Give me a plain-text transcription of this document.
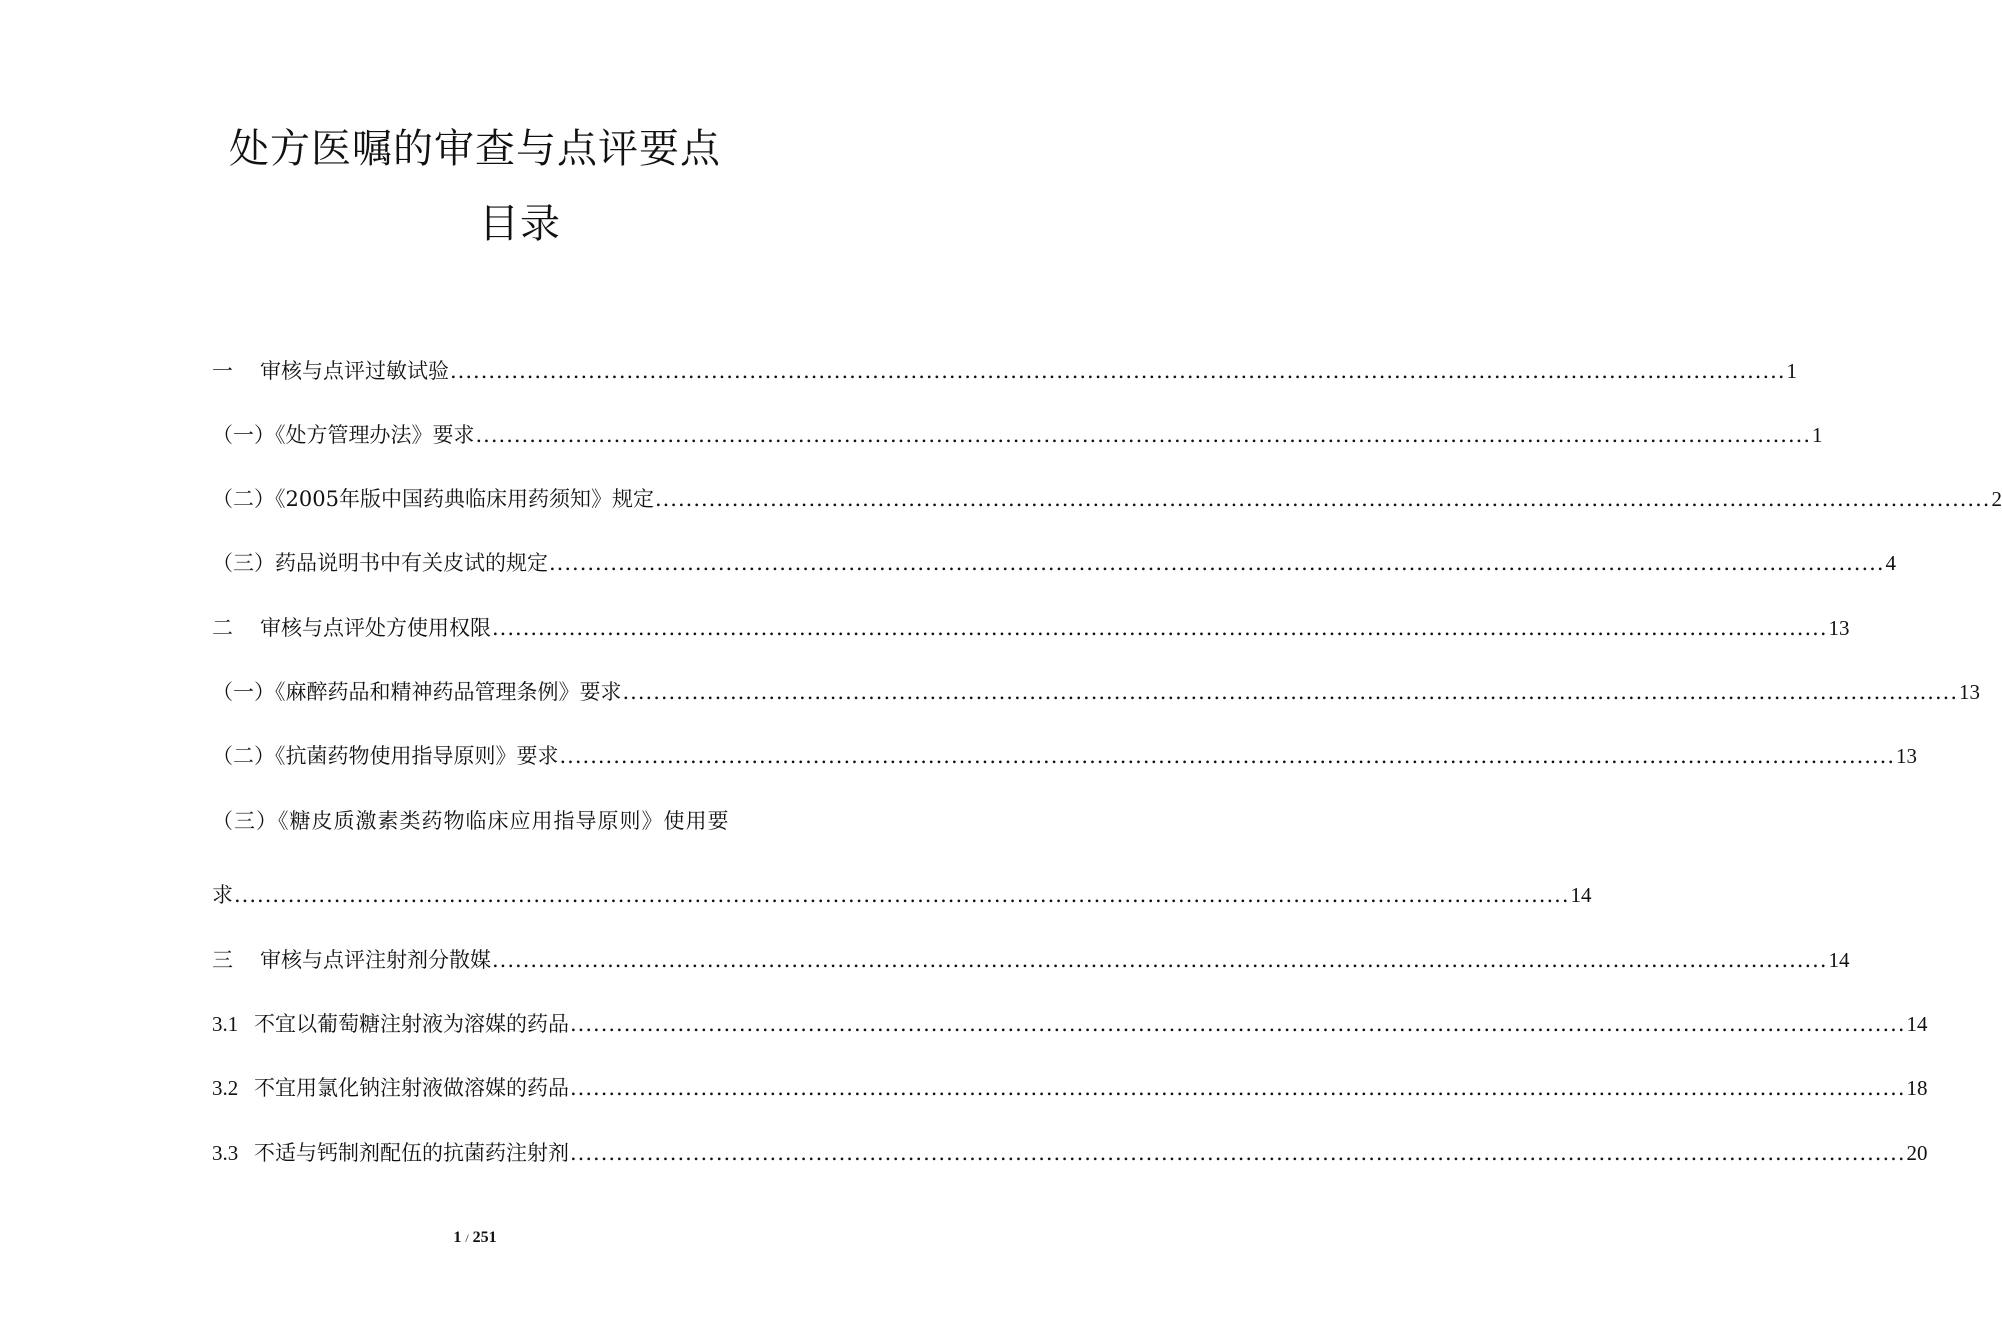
处方医嘱的审查与点评要点
目录
一	审核与点评过敏试验 .............................................................................................................................................................................. 1
（一）《处方管理办法》要求 .............................................................................................................................................................................. 1
（二）《2005年版中国药典临床用药须知》规定 .............................................................................................................................................................................. 2
（三）药品说明书中有关皮试的规定 .............................................................................................................................................................................. 4
二	审核与点评处方使用权限 .............................................................................................................................................................................. 13
（一）《麻醉药品和精神药品管理条例》要求 .............................................................................................................................................................................. 13
（二）《抗菌药物使用指导原则》要求 .............................................................................................................................................................................. 13
（三）《糖皮质激素类药物临床应用指导原则》使用要
求 .............................................................................................................................................................................. 14
三	审核与点评注射剂分散媒 .............................................................................................................................................................................. 14
3.1 不宜以葡萄糖注射液为溶媒的药品 .............................................................................................................................................................................. 14
3.2 不宜用氯化钠注射液做溶媒的药品 .............................................................................................................................................................................. 18
3.3 不适与钙制剂配伍的抗菌药注射剂 .............................................................................................................................................................................. 20
1 / 251
